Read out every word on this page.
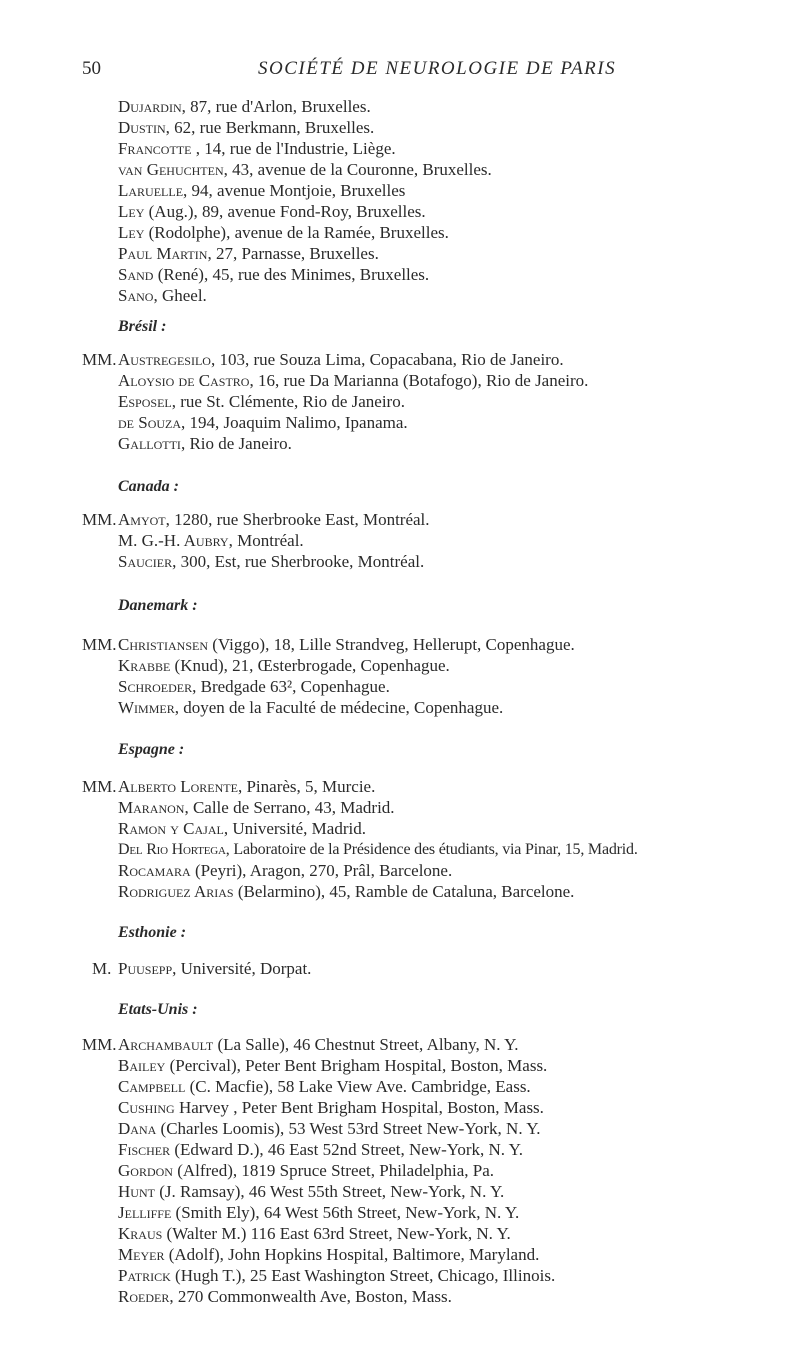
50	SOCIÉTÉ DE NEUROLOGIE DE PARIS
Dujardin, 87, rue d'Arlon, Bruxelles.
Dustin, 62, rue Berkmann, Bruxelles.
Francotte , 14, rue de l'Industrie, Liège.
van Gehuchten, 43, avenue de la Couronne, Bruxelles.
Laruelle, 94, avenue Montjoie, Bruxelles
Ley (Aug.), 89, avenue Fond-Roy, Bruxelles.
Ley (Rodolphe), avenue de la Ramée, Bruxelles.
Paul Martin, 27, Parnasse, Bruxelles.
Sand (René), 45, rue des Minimes, Bruxelles.
Sano, Gheel.
Brésil :
MM. Austregesilo, 103, rue Souza Lima, Copacabana, Rio de Janeiro.
Aloysio de Castro, 16, rue Da Marianna (Botafogo), Rio de Janeiro.
Esposel, rue St. Clémente, Rio de Janeiro.
de Souza, 194, Joaquim Nalimo, Ipanama.
Gallotti, Rio de Janeiro.
Canada :
MM. Amyot, 1280, rue Sherbrooke East, Montréal.
M. G.-H. Aubry, Montréal.
Saucier, 300, Est, rue Sherbrooke, Montréal.
Danemark :
MM. Christiansen (Viggo), 18, Lille Strandveg, Hellerupt, Copenhague.
Krabbe (Knud), 21, Œsterbrogade, Copenhague.
Schroeder, Bredgade 63², Copenhague.
Wimmer, doyen de la Faculté de médecine, Copenhague.
Espagne :
MM. Alberto Lorente, Pinarès, 5, Murcie.
Maranon, Calle de Serrano, 43, Madrid.
Ramon y Cajal, Université, Madrid.
Del Rio Hortega, Laboratoire de la Présidence des étudiants, via Pinar, 15, Madrid.
Rocamara (Peyri), Aragon, 270, Prâl, Barcelone.
Rodriguez Arias (Belarmino), 45, Ramble de Cataluna, Barcelone.
Esthonie :
M. Puusepp, Université, Dorpat.
Etats-Unis :
MM. Archambault (La Salle), 46 Chestnut Street, Albany, N. Y.
Bailey (Percival), Peter Bent Brigham Hospital, Boston, Mass.
Campbell (C. Macfie), 58 Lake View Ave. Cambridge, Eass.
Cushing Harvey , Peter Bent Brigham Hospital, Boston, Mass.
Dana (Charles Loomis), 53 West 53rd Street New-York, N. Y.
Fischer (Edward D.), 46 East 52nd Street, New-York, N. Y.
Gordon (Alfred), 1819 Spruce Street, Philadelphia, Pa.
Hunt (J. Ramsay), 46 West 55th Street, New-York, N. Y.
Jelliffe (Smith Ely), 64 West 56th Street, New-York, N. Y.
Kraus (Walter M.) 116 East 63rd Street, New-York, N. Y.
Meyer (Adolf), John Hopkins Hospital, Baltimore, Maryland.
Patrick (Hugh T.), 25 East Washington Street, Chicago, Illinois.
Roeder, 270 Commonwealth Ave, Boston, Mass.
